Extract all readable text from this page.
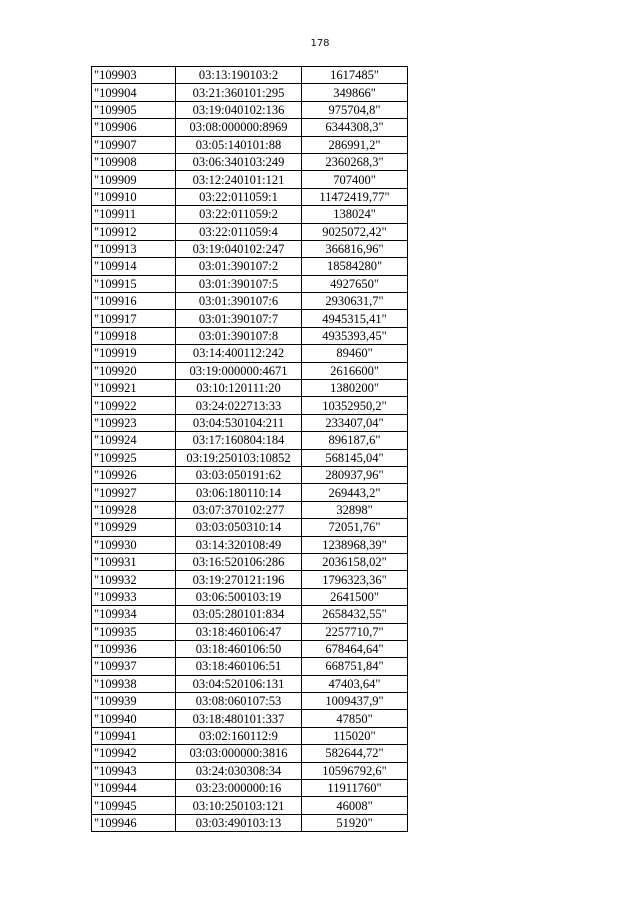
178
"109903	03:13:190103:2	1617485"
"109904	03:21:360101:295	349866"
"109905	03:19:040102:136	975704,8"
"109906	03:08:000000:8969	6344308,3"
"109907	03:05:140101:88	286991,2"
"109908	03:06:340103:249	2360268,3"
"109909	03:12:240101:121	707400"
"109910	03:22:011059:1	11472419,77"
"109911	03:22:011059:2	138024"
"109912	03:22:011059:4	9025072,42"
"109913	03:19:040102:247	366816,96"
"109914	03:01:390107:2	18584280"
"109915	03:01:390107:5	4927650"
"109916	03:01:390107:6	2930631,7"
"109917	03:01:390107:7	4945315,41"
"109918	03:01:390107:8	4935393,45"
"109919	03:14:400112:242	89460"
"109920	03:19:000000:4671	2616600"
"109921	03:10:120111:20	1380200"
"109922	03:24:022713:33	10352950,2"
"109923	03:04:530104:211	233407,04"
"109924	03:17:160804:184	896187,6"
"109925	03:19:250103:10852	568145,04"
"109926	03:03:050191:62	280937,96"
"109927	03:06:180110:14	269443,2"
"109928	03:07:370102:277	32898"
"109929	03:03:050310:14	72051,76"
"109930	03:14:320108:49	1238968,39"
"109931	03:16:520106:286	2036158,02"
"109932	03:19:270121:196	1796323,36"
"109933	03:06:500103:19	2641500"
"109934	03:05:280101:834	2658432,55"
"109935	03:18:460106:47	2257710,7"
"109936	03:18:460106:50	678464,64"
"109937	03:18:460106:51	668751,84"
"109938	03:04:520106:131	47403,64"
"109939	03:08:060107:53	1009437,9"
"109940	03:18:480101:337	47850"
"109941	03:02:160112:9	115020"
"109942	03:03:000000:3816	582644,72"
"109943	03:24:030308:34	10596792,6"
"109944	03:23:000000:16	11911760"
"109945	03:10:250103:121	46008"
"109946	03:03:490103:13	51920"
